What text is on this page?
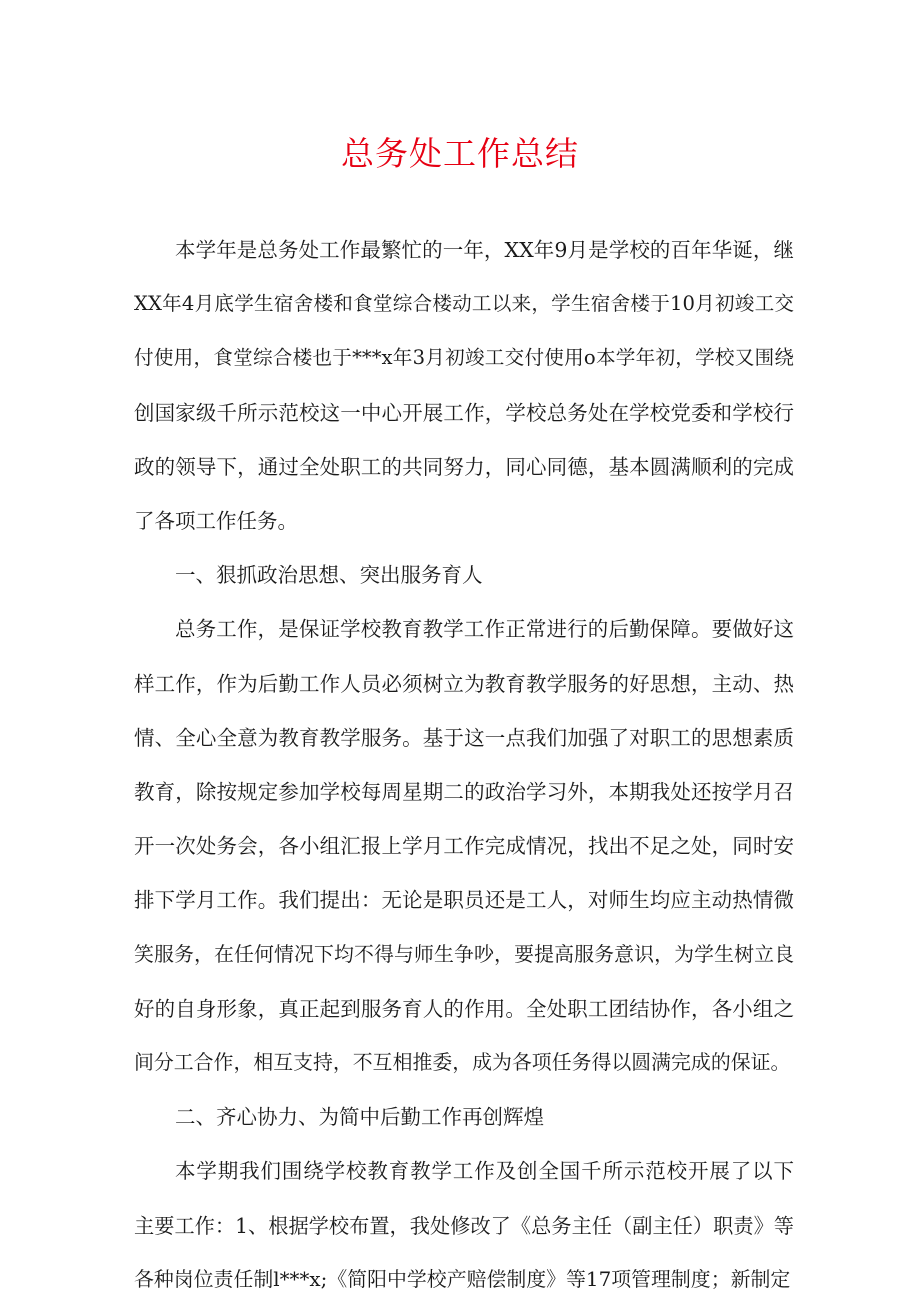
总务处工作总结

本学年是总务处工作最繁忙的一年，XX年9月是学校的百年华诞，继
XX年4月底学生宿舍楼和食堂综合楼动工以来，学生宿舍楼于10月初竣工交
付使用，食堂综合楼也于***x年3月初竣工交付使用o本学年初，学校又围绕
创国家级千所示范校这一中心开展工作，学校总务处在学校党委和学校行
政的领导下，通过全处职工的共同努力，同心同德，基本圆满顺利的完成
了各项工作任务。

一、狠抓政治思想、突出服务育人

总务工作，是保证学校教育教学工作正常进行的后勤保障。要做好这
样工作，作为后勤工作人员必须树立为教育教学服务的好思想，主动、热
情、全心全意为教育教学服务。基于这一点我们加强了对职工的思想素质
教育，除按规定参加学校每周星期二的政治学习外，本期我处还按学月召
开一次处务会，各小组汇报上学月工作完成情况，找出不足之处，同时安
排下学月工作。我们提出：无论是职员还是工人，对师生均应主动热情微
笑服务，在任何情况下均不得与师生争吵，要提高服务意识，为学生树立良
好的自身形象，真正起到服务育人的作用。全处职工团结协作，各小组之
间分工合作，相互支持，不互相推委，成为各项任务得以圆满完成的保证。

二、齐心协力、为简中后勤工作再创辉煌

本学期我们围绕学校教育教学工作及创全国千所示范校开展了以下
主要工作：1、根据学校布置，我处修改了《总务主任（副主任）职责》等
各种岗位责任制l***x;《简阳中学校产赔偿制度》等17项管理制度；新制定
